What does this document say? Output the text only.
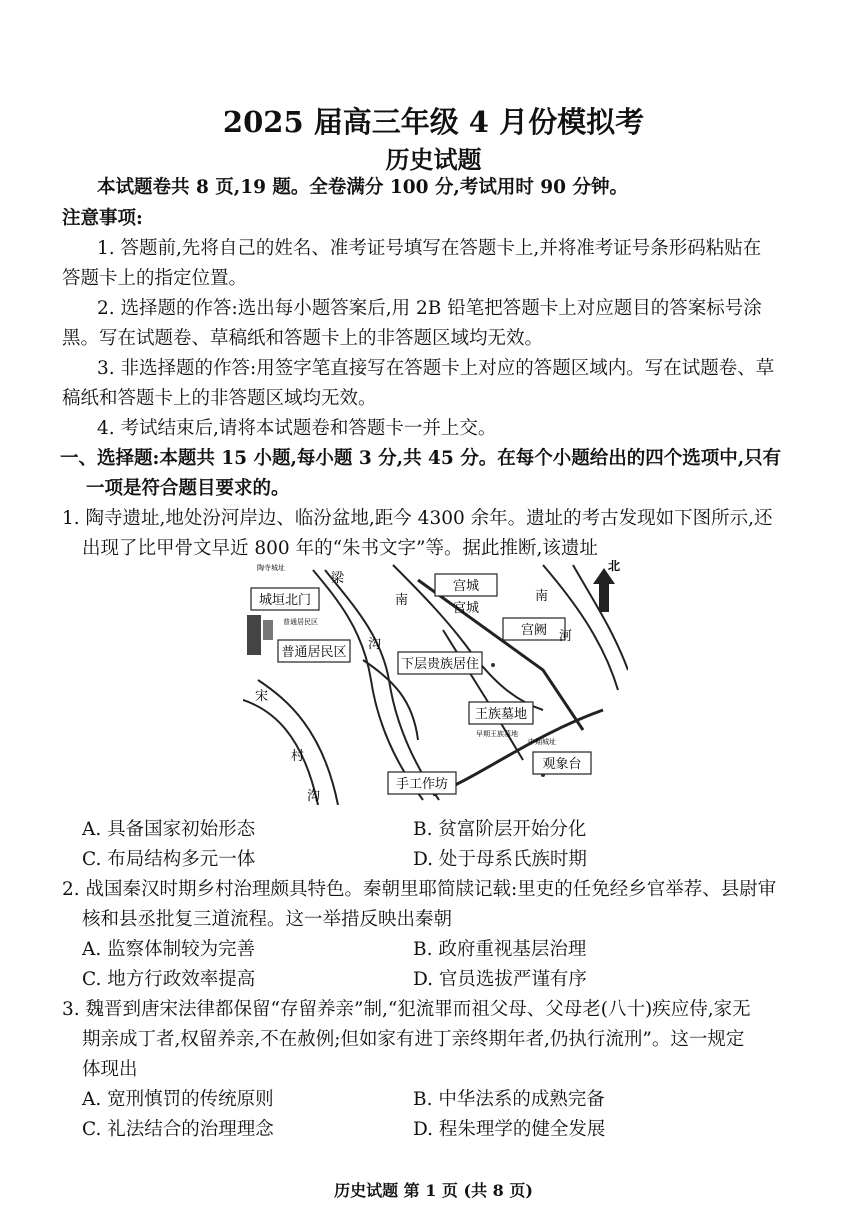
2025 届高三年级 4 月份模拟考
历史试题
本试题卷共 8 页,19 题。全卷满分 100 分,考试用时 90 分钟。
注意事项:
1. 答题前,先将自己的姓名、准考证号填写在答题卡上,并将准考证号条形码粘贴在
答题卡上的指定位置。
2. 选择题的作答:选出每小题答案后,用 2B 铅笔把答题卡上对应题目的答案标号涂
黑。写在试题卷、草稿纸和答题卡上的非答题区域均无效。
3. 非选择题的作答:用签字笔直接写在答题卡上对应的答题区域内。写在试题卷、草
稿纸和答题卡上的非答题区域均无效。
4. 考试结束后,请将本试题卷和答题卡一并上交。
一、选择题:本题共 15 小题,每小题 3 分,共 45 分。在每个小题给出的四个选项中,只有
一项是符合题目要求的。
1. 陶寺遗址,地处汾河岸边、临汾盆地,距今 4300 余年。遗址的考古发现如下图所示,还
出现了比甲骨文早近 800 年的“朱书文字”等。据此推断,该遗址
城垣北门
普通居民区
宫城
宫阙
下层贵族居住
王族墓地
手工作坊
观象台
梁
南
河
宫城
南
沟
宋
村
沟
陶寺城址
普通居民区
早期王族墓地
中期城址
北
A. 具备国家初始形态	B. 贫富阶层开始分化
C. 布局结构多元一体	D. 处于母系氏族时期
2. 战国秦汉时期乡村治理颇具特色。秦朝里耶简牍记载:里吏的任免经乡官举荐、县尉审
核和县丞批复三道流程。这一举措反映出秦朝
A. 监察体制较为完善	B. 政府重视基层治理
C. 地方行政效率提高	D. 官员选拔严谨有序
3. 魏晋到唐宋法律都保留“存留养亲”制,“犯流罪而祖父母、父母老(八十)疾应侍,家无
期亲成丁者,权留养亲,不在赦例;但如家有进丁亲终期年者,仍执行流刑”。这一规定
体现出
A. 宽刑慎罚的传统原则	B. 中华法系的成熟完备
C. 礼法结合的治理理念	D. 程朱理学的健全发展
历史试题 第 1 页 (共 8 页)
